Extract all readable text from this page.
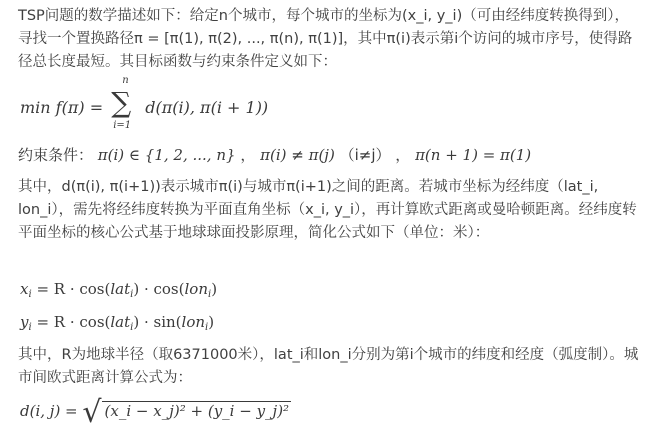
TSP问题的数学描述如下：给定n个城市，每个城市的坐标为(x_i, y_i)（可由经纬度转换得到），寻找一个置换路径π = [π(1), π(2), ..., π(n), π(1)]，其中π(i)表示第i个访问的城市序号，使得路径总长度最短。其目标函数与约束条件定义如下：

min f(π) =
n
∑
i=1
d(π(i), π(i + 1))
约束条件： π(i) ∈ {1, 2, ..., n} ， π(i) ≠ π(j) （i≠j） ， π(n + 1) = π(1)

其中，d(π(i), π(i+1))表示城市π(i)与城市π(i+1)之间的距离。若城市坐标为经纬度（lat_i, lon_i），需先将经纬度转换为平面直角坐标（x_i, y_i），再计算欧式距离或曼哈顿距离。经纬度转平面坐标的核心公式基于地球球面投影原理，简化公式如下（单位：米）：

$x_i = R \cdot \cos(lat_i) \cdot \cos(lon_i)$
$y_i = R \cdot \cos(lat_i) \cdot \sin(lon_i)$

其中，R为地球半径（取6371000米），lat_i和lon_i分别为第i个城市的纬度和经度（弧度制）。城市间欧式距离计算公式为：

d(i, j) = √ (x_i − x_j)² + (y_i − y_j)²
